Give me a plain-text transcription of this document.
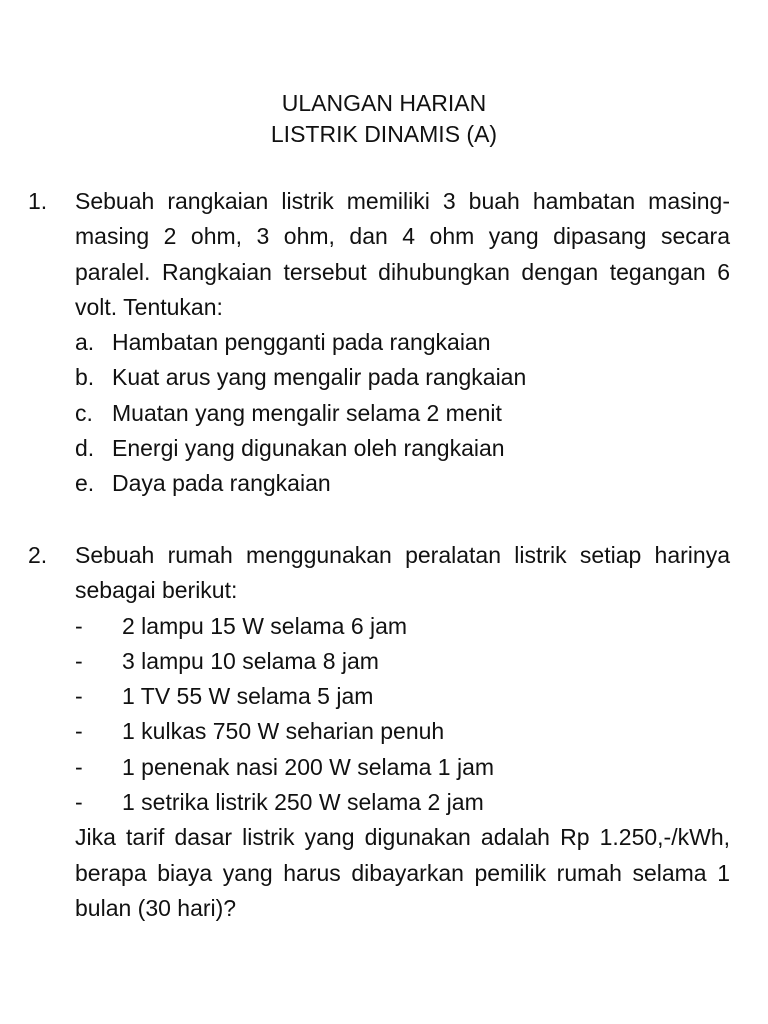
ULANGAN HARIAN
LISTRIK DINAMIS (A)
1. Sebuah rangkaian listrik memiliki 3 buah hambatan masing-masing 2 ohm, 3 ohm, dan 4 ohm yang dipasang secara paralel. Rangkaian tersebut dihubungkan dengan tegangan 6 volt. Tentukan:
a. Hambatan pengganti pada rangkaian
b. Kuat arus yang mengalir pada rangkaian
c. Muatan yang mengalir selama 2 menit
d. Energi yang digunakan oleh rangkaian
e. Daya pada rangkaian
2. Sebuah rumah menggunakan peralatan listrik setiap harinya sebagai berikut:
- 2 lampu 15 W selama 6 jam
- 3 lampu 10 selama 8 jam
- 1 TV 55 W selama 5 jam
- 1 kulkas 750 W seharian penuh
- 1 penenak nasi 200 W selama 1 jam
- 1 setrika listrik 250 W selama 2 jam
Jika tarif dasar listrik yang digunakan adalah Rp 1.250,-/kWh, berapa biaya yang harus dibayarkan pemilik rumah selama 1 bulan (30 hari)?
